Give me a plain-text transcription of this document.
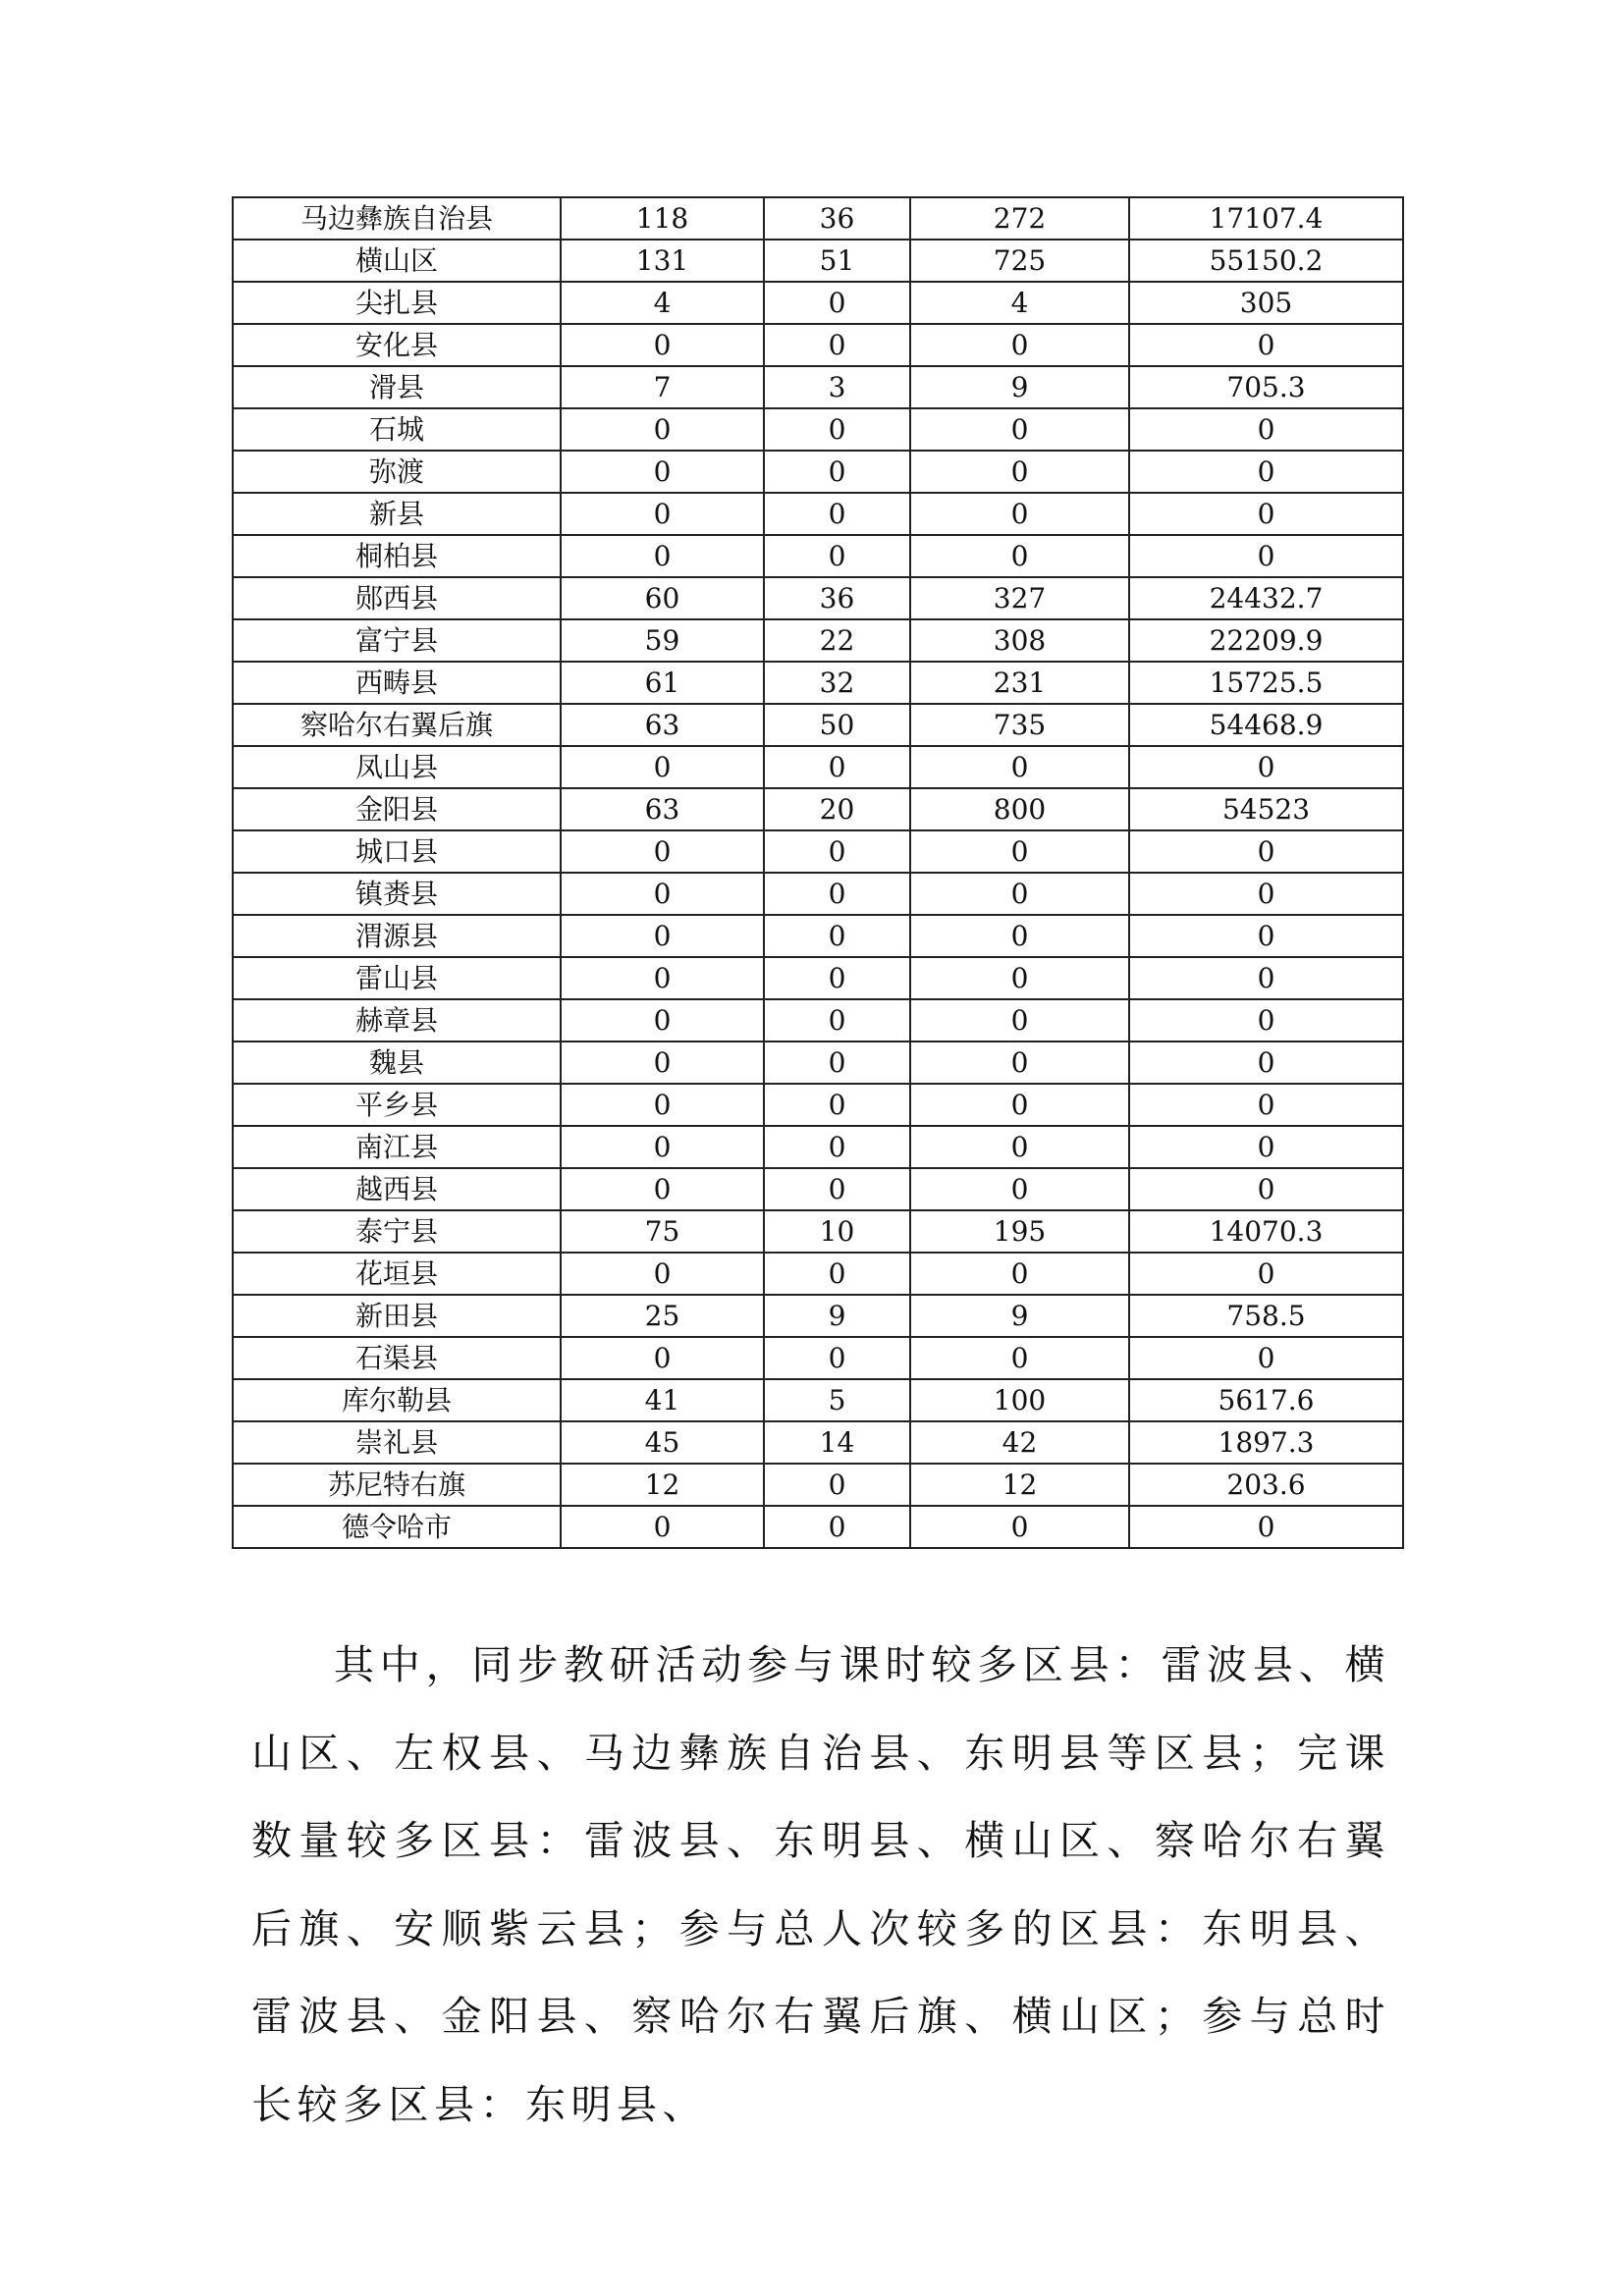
马边彝族自治县	118	36	272	17107.4
横山区	131	51	725	55150.2
尖扎县	4	0	4	305
安化县	0	0	0	0
滑县	7	3	9	705.3
石城	0	0	0	0
弥渡	0	0	0	0
新县	0	0	0	0
桐柏县	0	0	0	0
郧西县	60	36	327	24432.7
富宁县	59	22	308	22209.9
西畴县	61	32	231	15725.5
察哈尔右翼后旗	63	50	735	54468.9
凤山县	0	0	0	0
金阳县	63	20	800	54523
城口县	0	0	0	0
镇赉县	0	0	0	0
渭源县	0	0	0	0
雷山县	0	0	0	0
赫章县	0	0	0	0
魏县	0	0	0	0
平乡县	0	0	0	0
南江县	0	0	0	0
越西县	0	0	0	0
泰宁县	75	10	195	14070.3
花垣县	0	0	0	0
新田县	25	9	9	758.5
石渠县	0	0	0	0
库尔勒县	41	5	100	5617.6
崇礼县	45	14	42	1897.3
苏尼特右旗	12	0	12	203.6
德令哈市	0	0	0	0

其中，同步教研活动参与课时较多区县：雷波县、横山区、左权县、马边彝族自治县、东明县等区县；完课数量较多区县：雷波县、东明县、横山区、察哈尔右翼后旗、安顺紫云县；参与总人次较多的区县：东明县、雷波县、金阳县、察哈尔右翼后旗、横山区；参与总时长较多区县：东明县、
